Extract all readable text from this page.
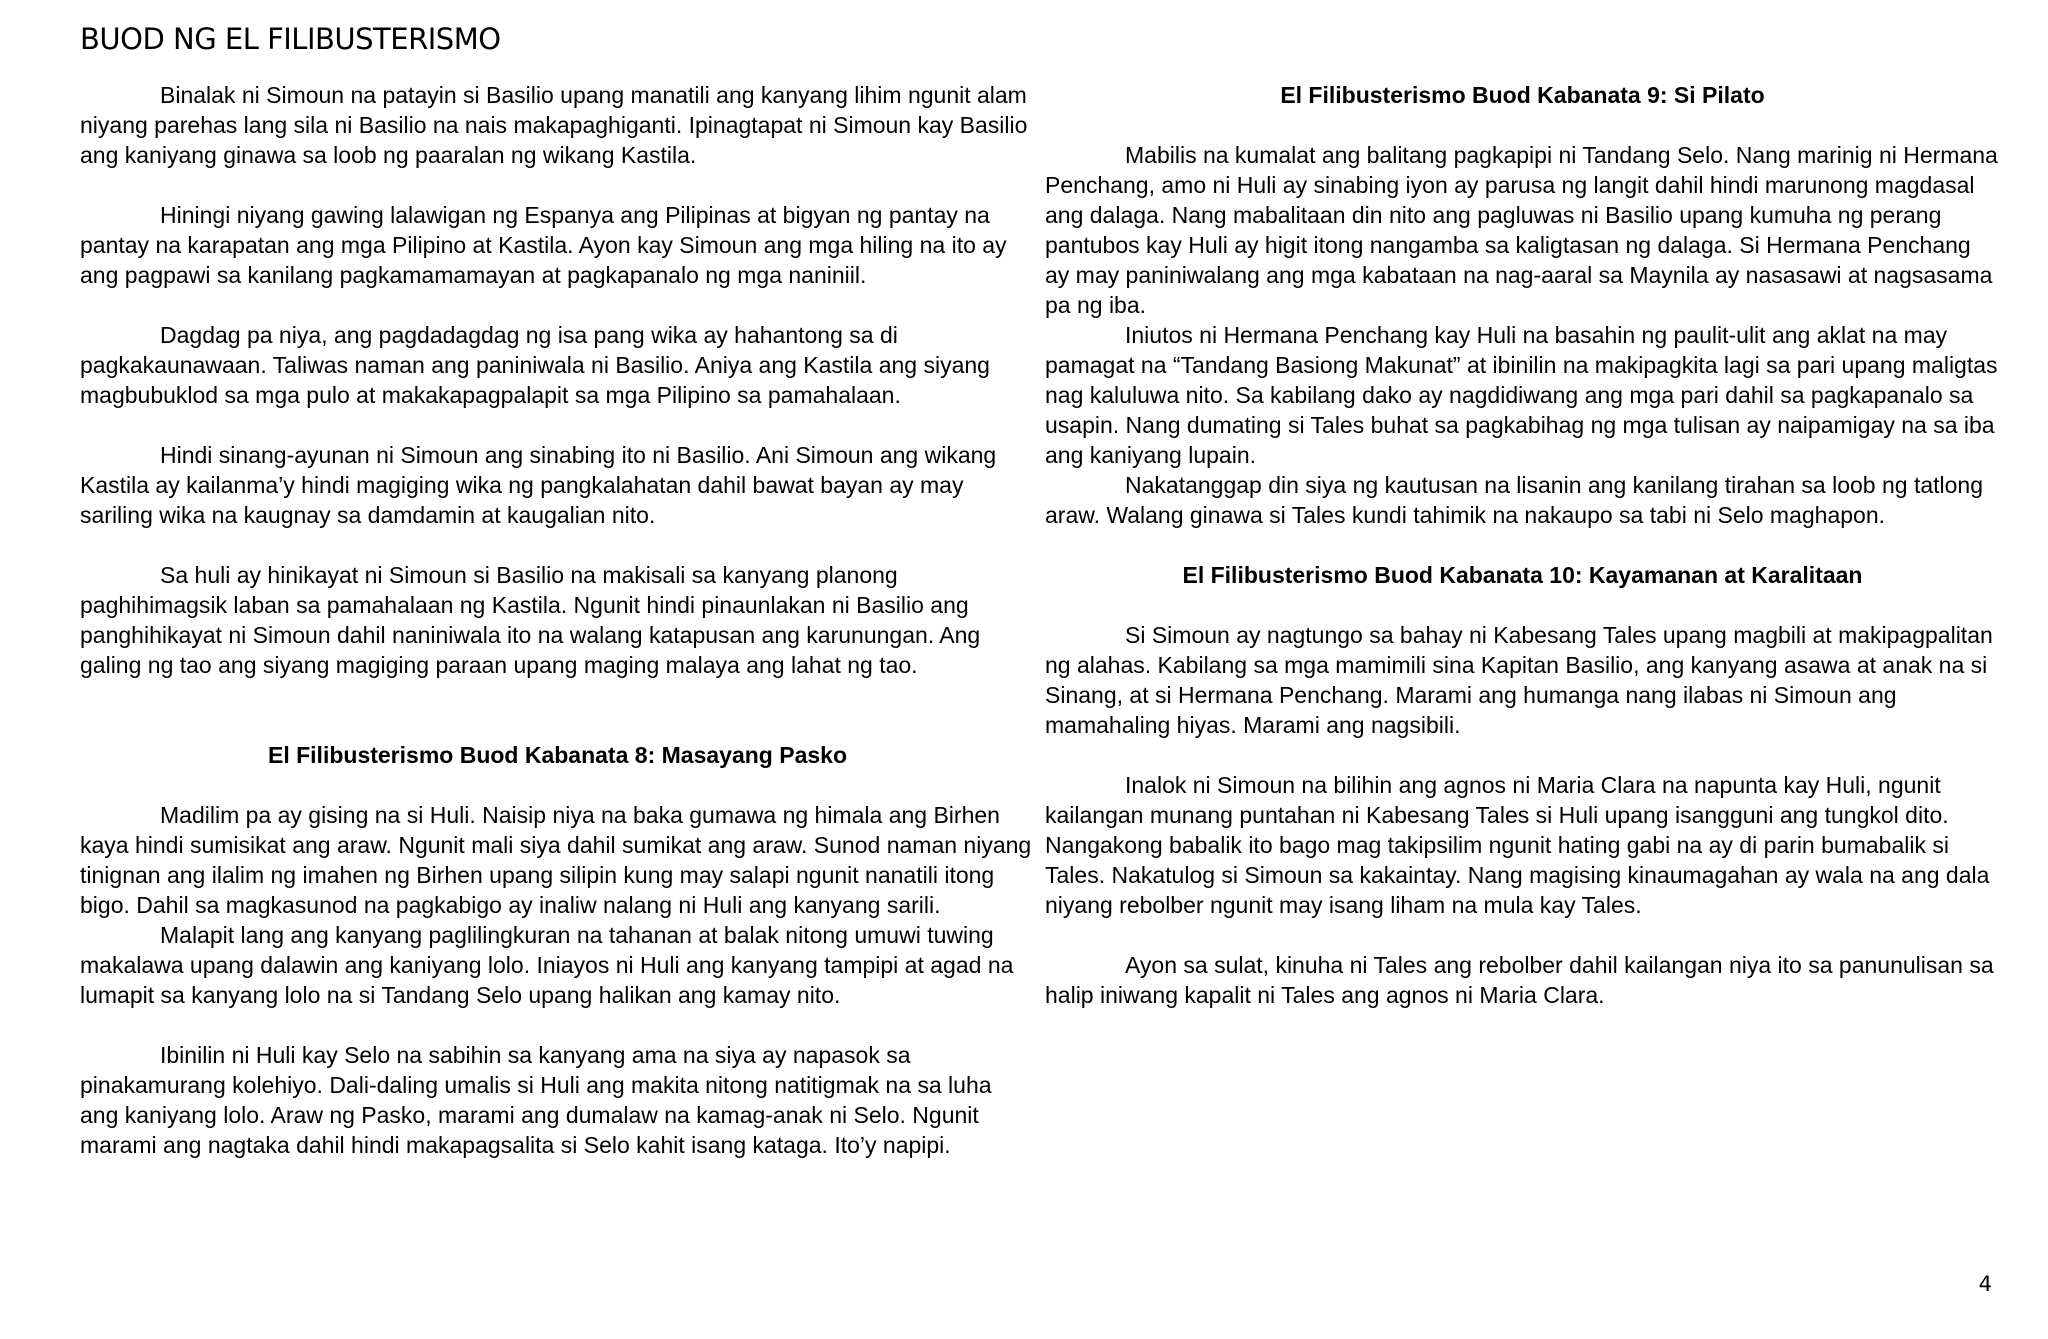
BUOD NG EL FILIBUSTERISMO

Binalak ni Simoun na patayin si Basilio upang manatili ang kanyang lihim ngunit alam niyang parehas lang sila ni Basilio na nais makapaghiganti. Ipinagtapat ni Simoun kay Basilio ang kaniyang ginawa sa loob ng paaralan ng wikang Kastila.

Hiningi niyang gawing lalawigan ng Espanya ang Pilipinas at bigyan ng pantay na pantay na karapatan ang mga Pilipino at Kastila. Ayon kay Simoun ang mga hiling na ito ay ang pagpawi sa kanilang pagkamamamayan at pagkapanalo ng mga naniniil.

Dagdag pa niya, ang pagdadagdag ng isa pang wika ay hahantong sa di pagkakaunawaan. Taliwas naman ang paniniwala ni Basilio. Aniya ang Kastila ang siyang magbubuklod sa mga pulo at makakapagpalapit sa mga Pilipino sa pamahalaan.

Hindi sinang-ayunan ni Simoun ang sinabing ito ni Basilio. Ani Simoun ang wikang Kastila ay kailanma’y hindi magiging wika ng pangkalahatan dahil bawat bayan ay may sariling wika na kaugnay sa damdamin at kaugalian nito.

Sa huli ay hinikayat ni Simoun si Basilio na makisali sa kanyang planong paghihimagsik laban sa pamahalaan ng Kastila. Ngunit hindi pinaunlakan ni Basilio ang panghihikayat ni Simoun dahil naniniwala ito na walang katapusan ang karunungan. Ang galing ng tao ang siyang magiging paraan upang maging malaya ang lahat ng tao.

El Filibusterismo Buod Kabanata 8: Masayang Pasko

Madilim pa ay gising na si Huli. Naisip niya na baka gumawa ng himala ang Birhen kaya hindi sumisikat ang araw. Ngunit mali siya dahil sumikat ang araw. Sunod naman niyang tinignan ang ilalim ng imahen ng Birhen upang silipin kung may salapi ngunit nanatili itong bigo. Dahil sa magkasunod na pagkabigo ay inaliw nalang ni Huli ang kanyang sarili.

Malapit lang ang kanyang paglilingkuran na tahanan at balak nitong umuwi tuwing makalawa upang dalawin ang kaniyang lolo. Iniayos ni Huli ang kanyang tampipi at agad na lumapit sa kanyang lolo na si Tandang Selo upang halikan ang kamay nito.

Ibinilin ni Huli kay Selo na sabihin sa kanyang ama na siya ay napasok sa pinakamurang kolehiyo. Dali-daling umalis si Huli ang makita nitong natitigmak na sa luha ang kaniyang lolo. Araw ng Pasko, marami ang dumalaw na kamag-anak ni Selo. Ngunit marami ang nagtaka dahil hindi makapagsalita si Selo kahit isang kataga. Ito’y napipi.

El Filibusterismo Buod Kabanata 9: Si Pilato

Mabilis na kumalat ang balitang pagkapipi ni Tandang Selo. Nang marinig ni Hermana Penchang, amo ni Huli ay sinabing iyon ay parusa ng langit dahil hindi marunong magdasal ang dalaga. Nang mabalitaan din nito ang pagluwas ni Basilio upang kumuha ng perang pantubos kay Huli ay higit itong nangamba sa kaligtasan ng dalaga. Si Hermana Penchang ay may paniniwalang ang mga kabataan na nag-aaral sa Maynila ay nasasawi at nagsasama pa ng iba.

Iniutos ni Hermana Penchang kay Huli na basahin ng paulit-ulit ang aklat na may pamagat na “Tandang Basiong Makunat” at ibinilin na makipagkita lagi sa pari upang maligtas nag kaluluwa nito. Sa kabilang dako ay nagdidiwang ang mga pari dahil sa pagkapanalo sa usapin. Nang dumating si Tales buhat sa pagkabihag ng mga tulisan ay naipamigay na sa iba ang kaniyang lupain.

Nakatanggap din siya ng kautusan na lisanin ang kanilang tirahan sa loob ng tatlong araw. Walang ginawa si Tales kundi tahimik na nakaupo sa tabi ni Selo maghapon.

El Filibusterismo Buod Kabanata 10: Kayamanan at Karalitaan

Si Simoun ay nagtungo sa bahay ni Kabesang Tales upang magbili at makipagpalitan ng alahas. Kabilang sa mga mamimili sina Kapitan Basilio, ang kanyang asawa at anak na si Sinang, at si Hermana Penchang. Marami ang humanga nang ilabas ni Simoun ang mamahaling hiyas. Marami ang nagsibili.

Inalok ni Simoun na bilihin ang agnos ni Maria Clara na napunta kay Huli, ngunit kailangan munang puntahan ni Kabesang Tales si Huli upang isangguni ang tungkol dito. Nangakong babalik ito bago mag takipsilim ngunit hating gabi na ay di parin bumabalik si Tales. Nakatulog si Simoun sa kakaintay. Nang magising kinaumagahan ay wala na ang dala niyang rebolber ngunit may isang liham na mula kay Tales.

Ayon sa sulat, kinuha ni Tales ang rebolber dahil kailangan niya ito sa panunulisan sa halip iniwang kapalit ni Tales ang agnos ni Maria Clara.

4
